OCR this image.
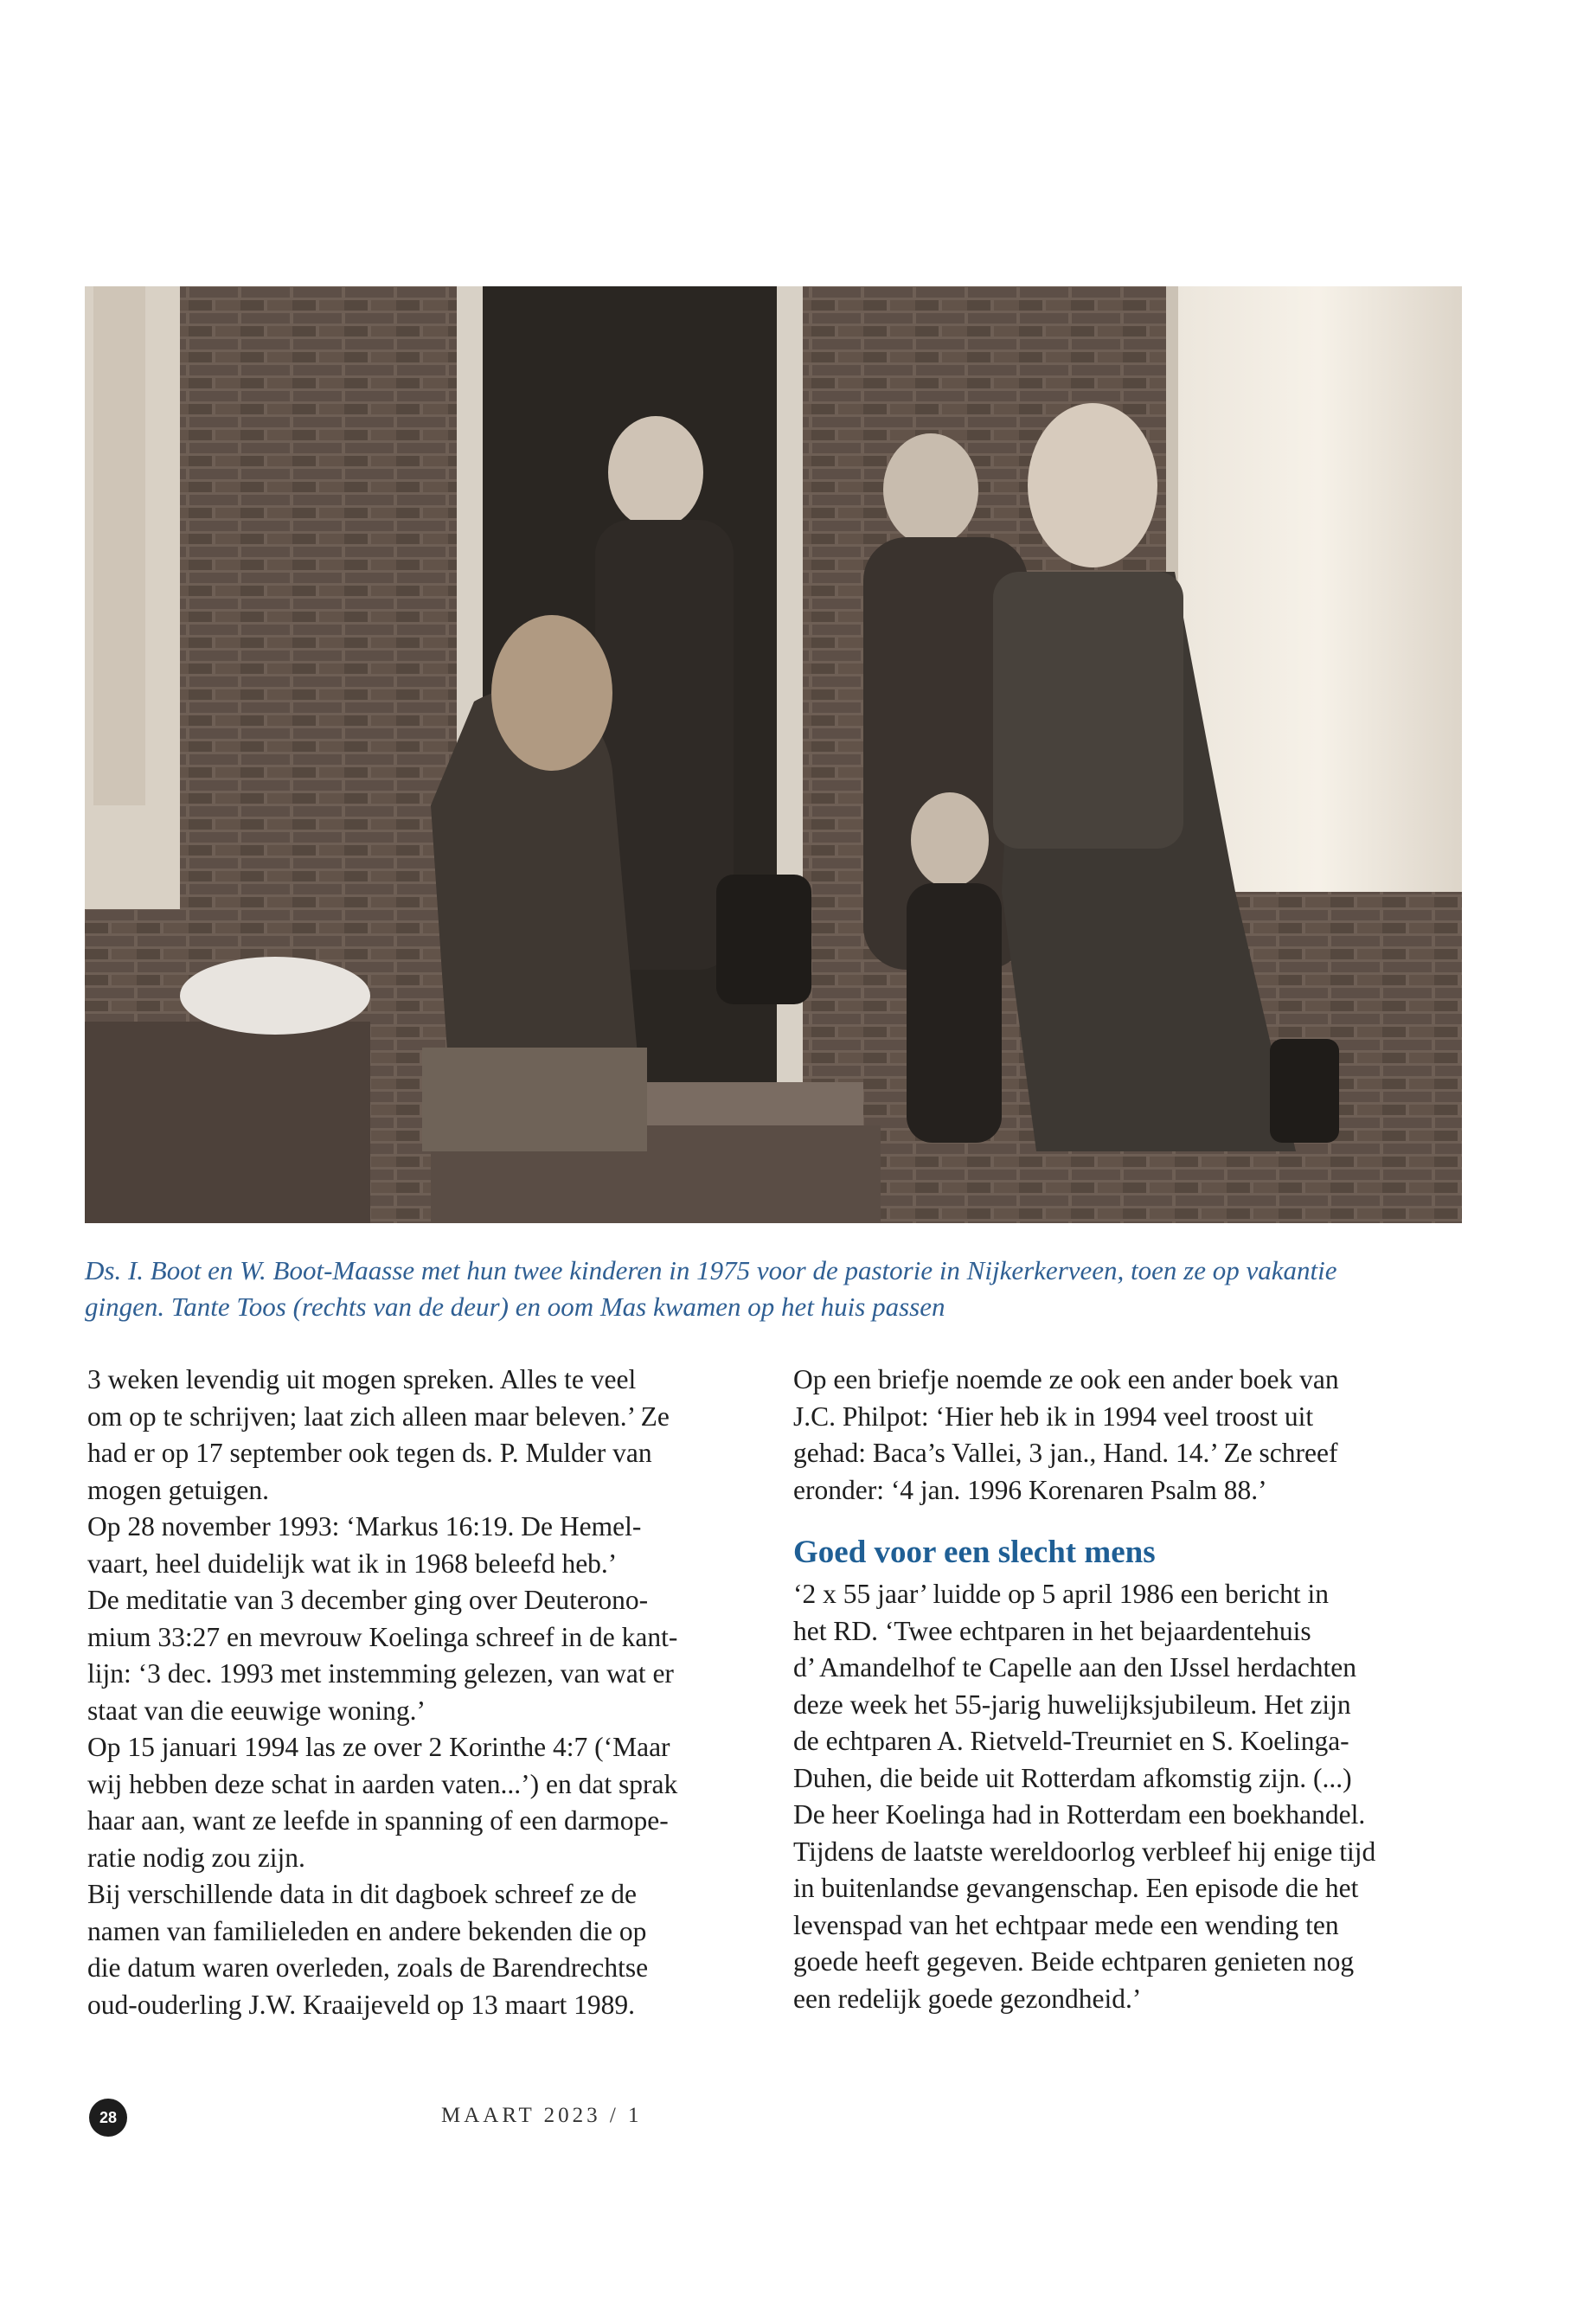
Ds. I. Boot en W. Boot-Maasse met hun twee kinderen in 1975 voor de pastorie in Nijkerkerveen, toen ze op vakantie

gingen. Tante Toos (rechts van de deur) en oom Mas kwamen op het huis passen

3 weken levendig uit mogen spreken. Alles te veel

om op te schrijven; laat zich alleen maar beleven.’ Ze

had er op 17 september ook tegen ds. P. Mulder van

mogen getuigen.

Op 28 november 1993: ‘Markus 16:19. De Hemel-

vaart, heel duidelijk wat ik in 1968 beleefd heb.’

De meditatie van 3 december ging over Deuterono-

mium 33:27 en mevrouw Koelinga schreef in de kant-

lijn: ‘3 dec. 1993 met instemming gelezen, van wat er

staat van die eeuwige woning.’

Op 15 januari 1994 las ze over 2 Korinthe 4:7 (‘Maar

wij hebben deze schat in aarden vaten...’) en dat sprak

haar aan, want ze leefde in spanning of een darmope-

ratie nodig zou zijn.

Bij verschillende data in dit dagboek schreef ze de

namen van familieleden en andere bekenden die op

die datum waren overleden, zoals de Barendrechtse

oud-ouderling J.W. Kraaijeveld op 13 maart 1989.

Op een briefje noemde ze ook een ander boek van

J.C. Philpot: ‘Hier heb ik in 1994 veel troost uit

gehad: Baca’s Vallei, 3 jan., Hand. 14.’ Ze schreef

eronder: ‘4 jan. 1996 Korenaren Psalm 88.’

Goed voor een slecht mens

‘2 x 55 jaar’ luidde op 5 april 1986 een bericht in

het RD. ‘Twee echtparen in het bejaardentehuis

d’ Amandelhof te Capelle aan den IJssel herdachten

deze week het 55-jarig huwelijksjubileum. Het zijn

de echtparen A. Rietveld-Treurniet en S. Koelinga-

Duhen, die beide uit Rotterdam afkomstig zijn. (...)

De heer Koelinga had in Rotterdam een boekhandel.

Tijdens de laatste wereldoorlog verbleef hij enige tijd

in buitenlandse gevangenschap. Een episode die het

levenspad van het echtpaar mede een wending ten

goede heeft gegeven. Beide echtparen genieten nog

een redelijk goede gezondheid.’

28	MAART 2023 / 1
